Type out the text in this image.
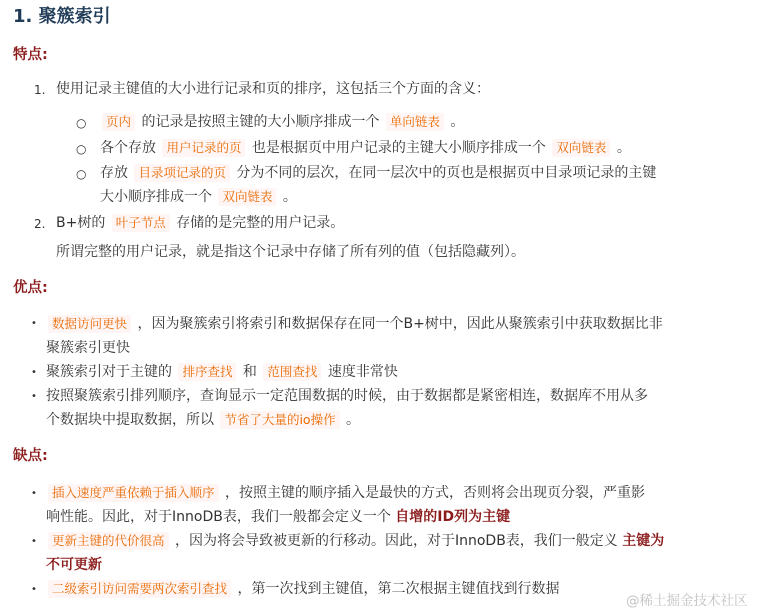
1. 聚簇索引
特点:
1. 使用记录主键值的大小进行记录和页的排序，这包括三个方面的含义：
○	页内 的记录是按照主键的大小顺序排成一个 单向链表 。
○ 各个存放 用户记录的页 也是根据页中用户记录的主键大小顺序排成一个 双向链表 。
○ 存放 目录项记录的页 分为不同的层次，在同一层次中的页也是根据页中目录项记录的主键
大小顺序排成一个 双向链表 。
2. B+树的 叶子节点 存储的是完整的用户记录。
所谓完整的用户记录，就是指这个记录中存储了所有列的值（包括隐藏列）。
优点:
•	数据访问更快 ，因为聚簇索引将索引和数据保存在同一个B+树中，因此从聚簇索引中获取数据比非
聚簇索引更快
• 聚簇索引对于主键的 排序查找 和 范围查找 速度非常快
• 按照聚簇索引排列顺序，查询显示一定范围数据的时候，由于数据都是紧密相连，数据库不用从多
个数据块中提取数据，所以 节省了大量的io操作 。
缺点:
•	插入速度严重依赖于插入顺序 ，按照主键的顺序插入是最快的方式，否则将会出现页分裂，严重影
响性能。因此，对于InnoDB表，我们一般都会定义一个 自增的ID列为主键
•	更新主键的代价很高 ，因为将会导致被更新的行移动。因此，对于InnoDB表，我们一般定义 主键为
不可更新
•	二级索引访问需要两次索引查找 ，第一次找到主键值，第二次根据主键值找到行数据
@稀土掘金技术社区
